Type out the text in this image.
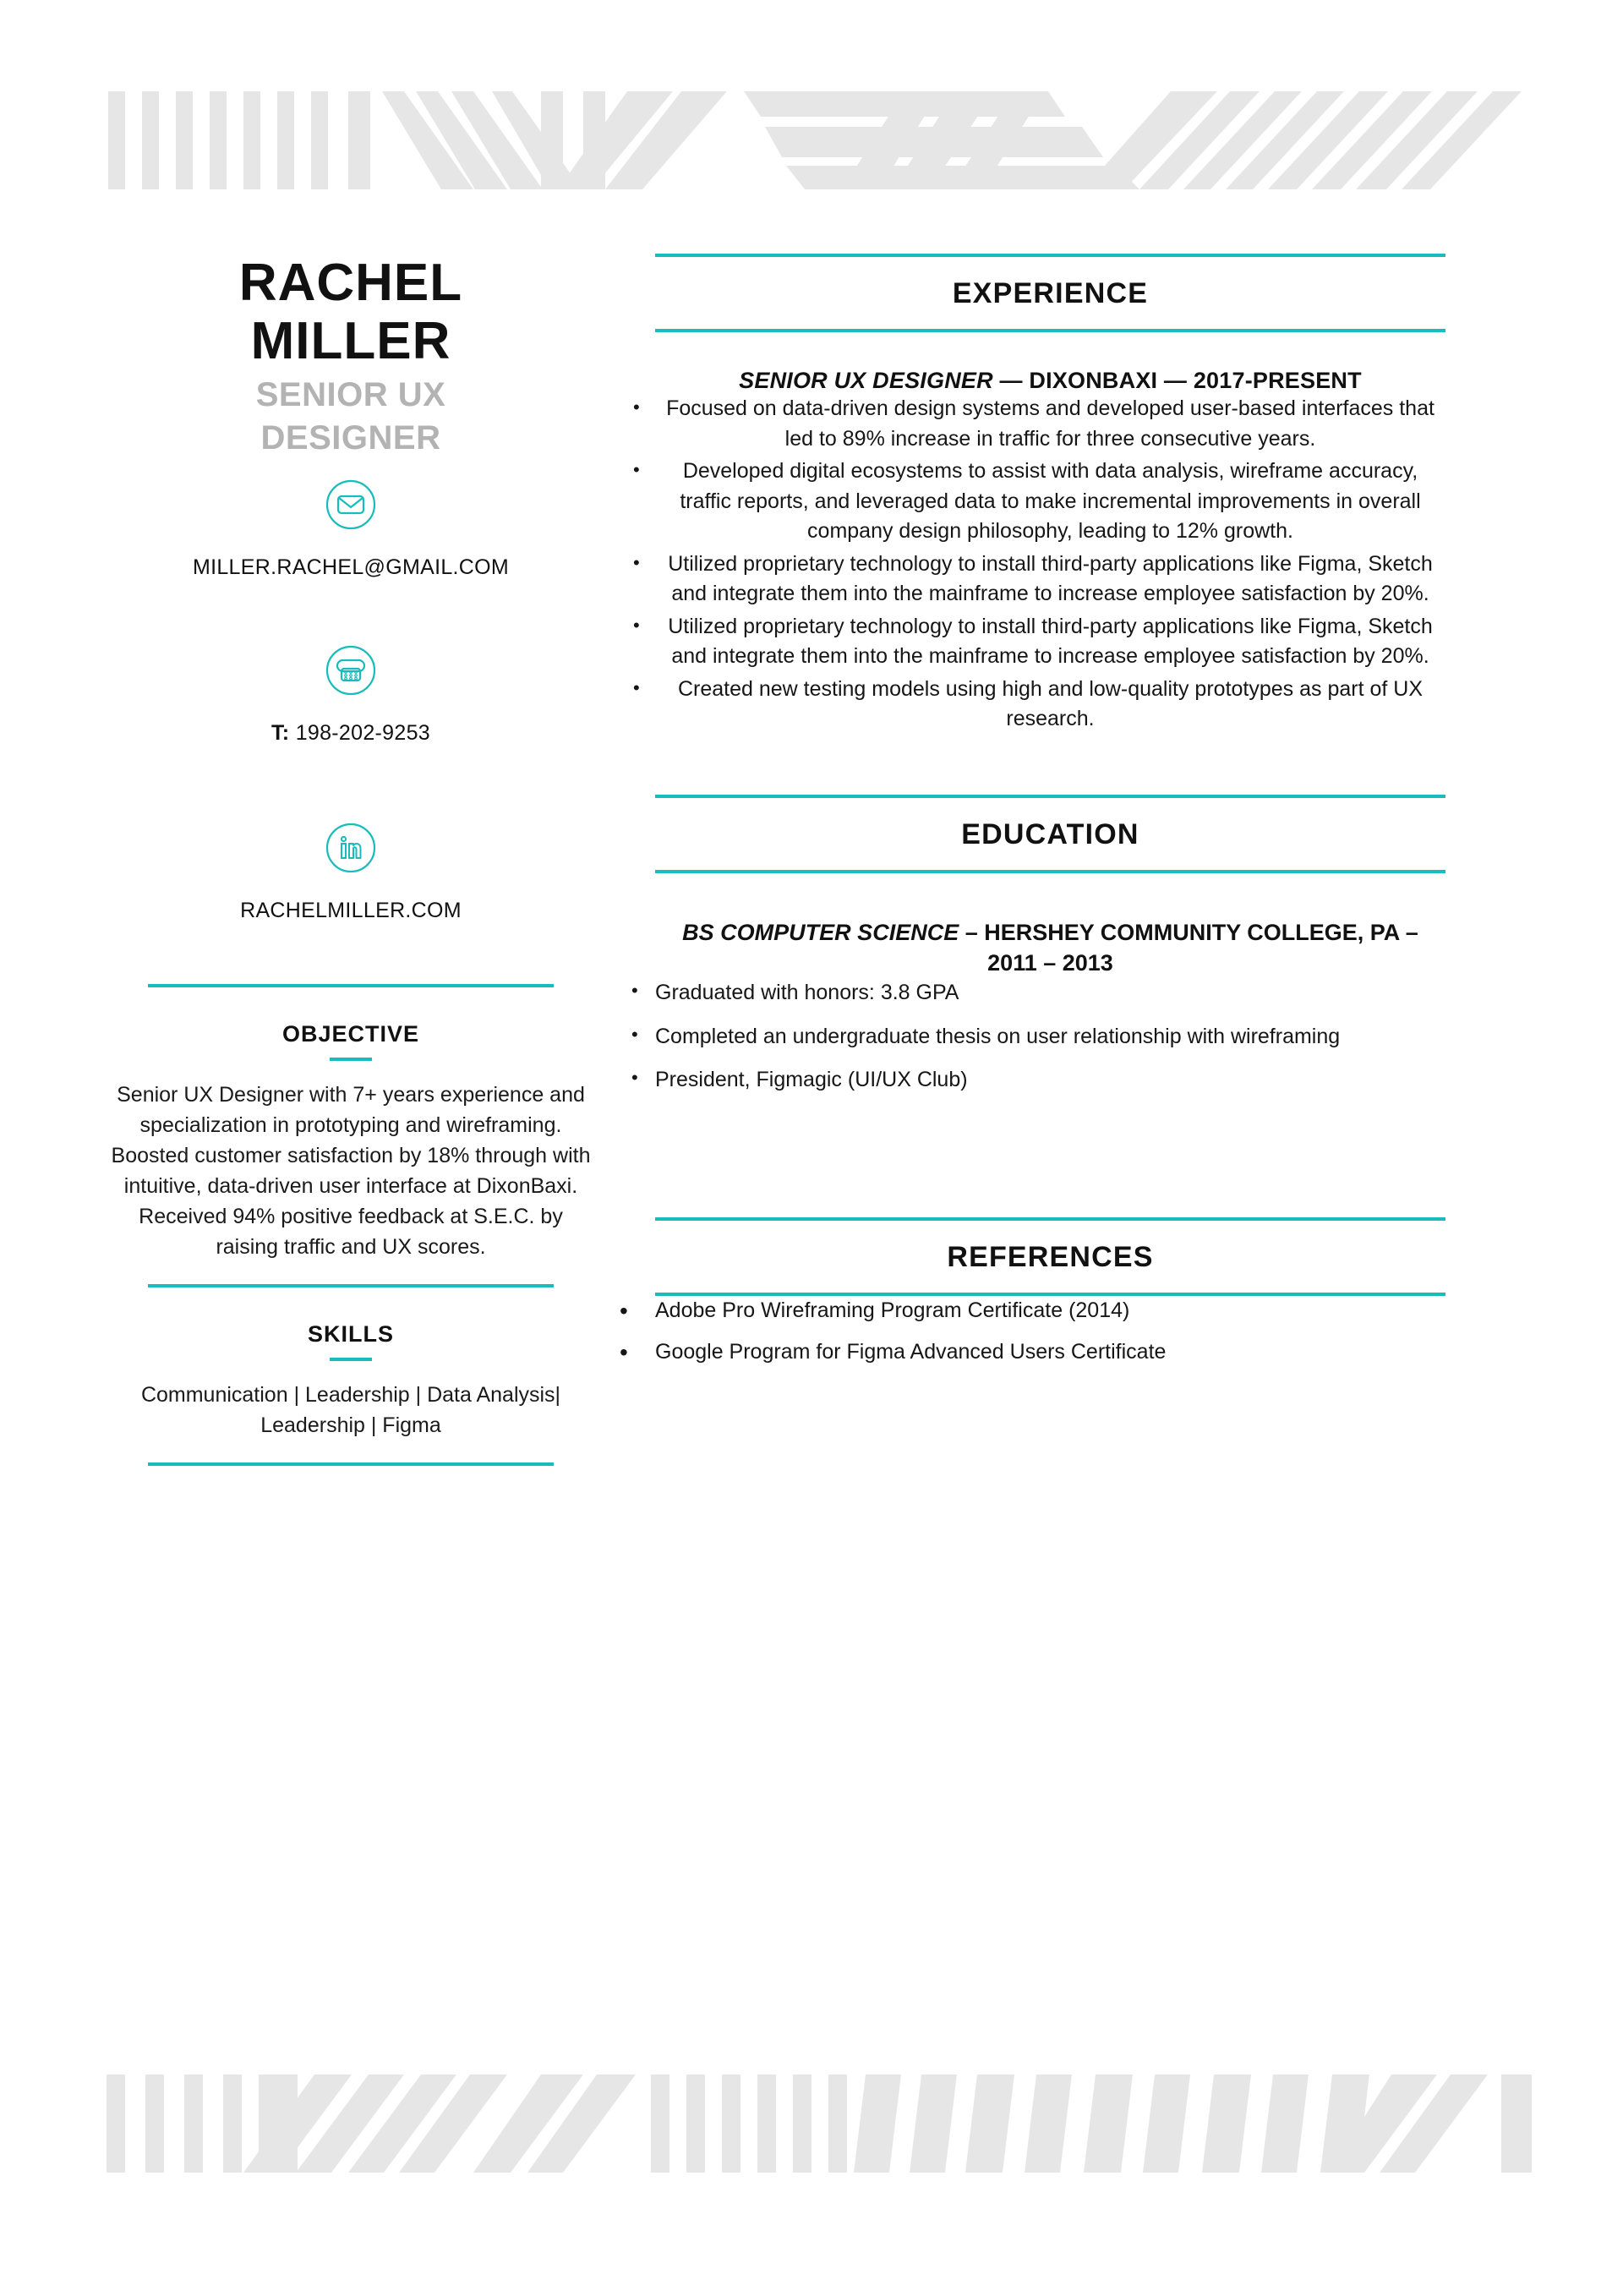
RACHEL
MILLER
SENIOR UX
DESIGNER
MILLER.RACHEL@GMAIL.COM
T: 198-202-9253
RACHELMILLER.COM
OBJECTIVE
Senior UX Designer with 7+ years experience and specialization in prototyping and wireframing. Boosted customer satisfaction by 18% through with intuitive, data-driven user interface at DixonBaxi. Received 94% positive feedback at S.E.C. by raising traffic and UX scores.
SKILLS
Communication | Leadership | Data Analysis| Leadership | Figma
EXPERIENCE
SENIOR UX DESIGNER — DIXONBAXI — 2017-PRESENT
• Focused on data-driven design systems and developed user-based interfaces that led to 89% increase in traffic for three consecutive years.
• Developed digital ecosystems to assist with data analysis, wireframe accuracy, traffic reports, and leveraged data to make incremental improvements in overall company design philosophy, leading to 12% growth.
• Utilized proprietary technology to install third-party applications like Figma, Sketch and integrate them into the mainframe to increase employee satisfaction by 20%.
• Utilized proprietary technology to install third-party applications like Figma, Sketch and integrate them into the mainframe to increase employee satisfaction by 20%.
• Created new testing models using high and low-quality prototypes as part of UX research.
EDUCATION
BS COMPUTER SCIENCE – HERSHEY COMMUNITY COLLEGE, PA – 2011 – 2013
• Graduated with honors: 3.8 GPA
• Completed an undergraduate thesis on user relationship with wireframing
• President, Figmagic (UI/UX Club)
REFERENCES
• Adobe Pro Wireframing Program Certificate (2014)
• Google Program for Figma Advanced Users Certificate
